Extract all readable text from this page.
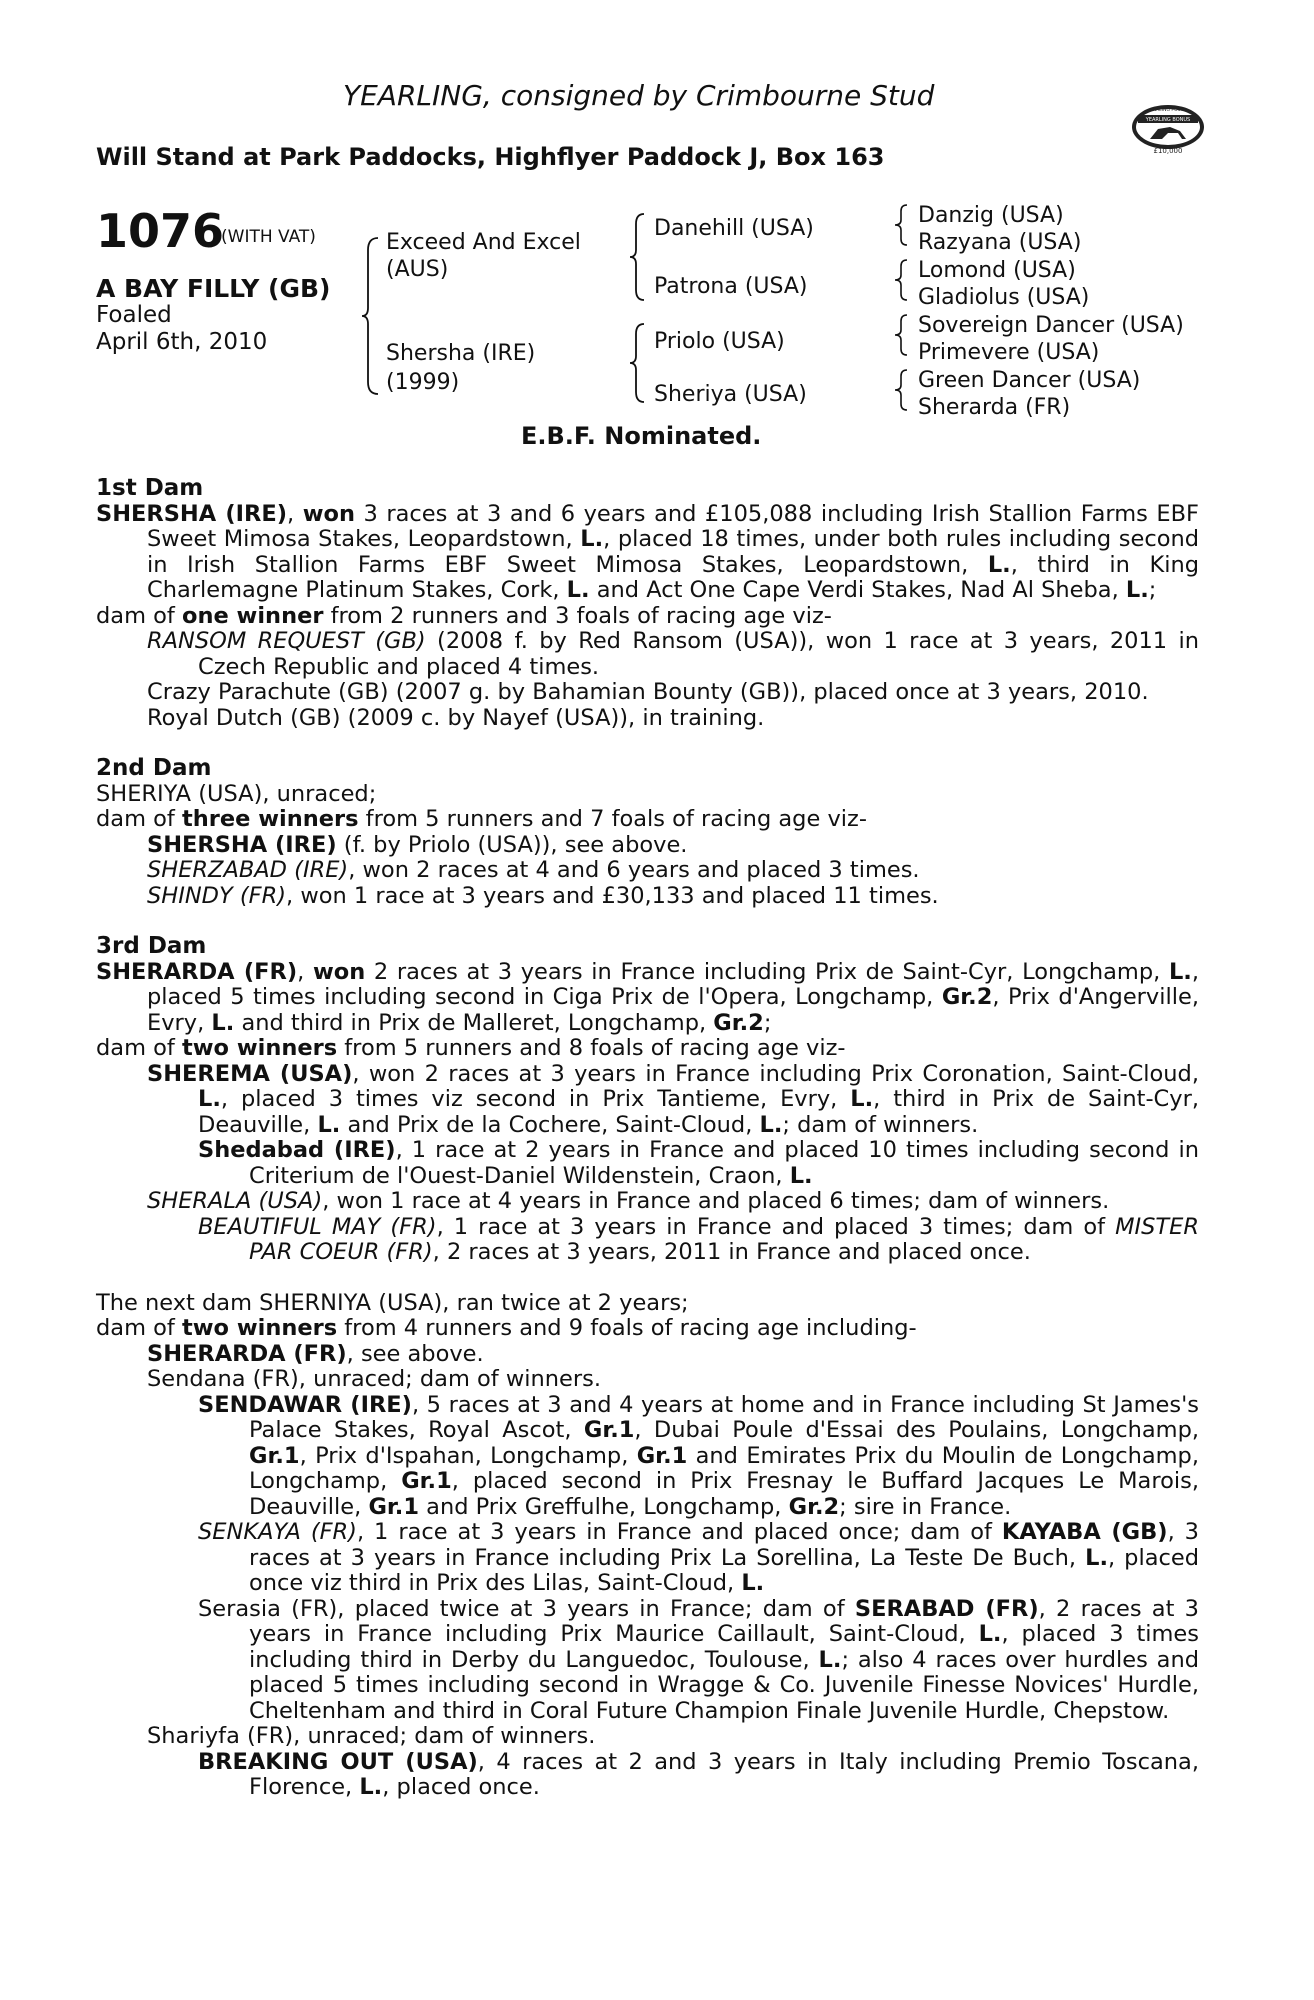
YEARLING, consigned by Crimbourne Stud
Will Stand at Park Paddocks, Highflyer Paddock J, Box 163
YEARLING BONUS
RACING POST
£10,000
1076
(WITH VAT)
A BAY FILLY (GB)
Foaled
April 6th, 2010
Exceed And Excel
(AUS)
Shersha (IRE)
(1999)
Danehill (USA)
Patrona (USA)
Priolo (USA)
Sheriya (USA)
Danzig (USA)
Razyana (USA)
Lomond (USA)
Gladiolus (USA)
Sovereign Dancer (USA)
Primevere (USA)
Green Dancer (USA)
Sherarda (FR)
E.B.F. Nominated.

1st Dam

SHERSHA (IRE), won 3 races at 3 and 6 years and £105,088 including Irish Stallion Farms EBF Sweet Mimosa Stakes, Leopardstown, L., placed 18 times, under both rules including second in Irish Stallion Farms EBF Sweet Mimosa Stakes, Leopardstown, L., third in King Charlemagne Platinum Stakes, Cork, L. and Act One Cape Verdi Stakes, Nad Al Sheba, L.;

dam of one winner from 2 runners and 3 foals of racing age viz-

RANSOM REQUEST (GB) (2008 f. by Red Ransom (USA)), won 1 race at 3 years, 2011 in Czech Republic and placed 4 times.

Crazy Parachute (GB) (2007 g. by Bahamian Bounty (GB)), placed once at 3 years, 2010.

Royal Dutch (GB) (2009 c. by Nayef (USA)), in training.

2nd Dam

SHERIYA (USA), unraced;

dam of three winners from 5 runners and 7 foals of racing age viz-

SHERSHA (IRE) (f. by Priolo (USA)), see above.

SHERZABAD (IRE), won 2 races at 4 and 6 years and placed 3 times.

SHINDY (FR), won 1 race at 3 years and £30,133 and placed 11 times.

3rd Dam

SHERARDA (FR), won 2 races at 3 years in France including Prix de Saint-Cyr, Longchamp, L., placed 5 times including second in Ciga Prix de l'Opera, Longchamp, Gr.2, Prix d'Angerville, Evry, L. and third in Prix de Malleret, Longchamp, Gr.2;

dam of two winners from 5 runners and 8 foals of racing age viz-

SHEREMA (USA), won 2 races at 3 years in France including Prix Coronation, Saint-Cloud, L., placed 3 times viz second in Prix Tantieme, Evry, L., third in Prix de Saint-Cyr, Deauville, L. and Prix de la Cochere, Saint-Cloud, L.; dam of winners.

Shedabad (IRE), 1 race at 2 years in France and placed 10 times including second in Criterium de l'Ouest-Daniel Wildenstein, Craon, L.

SHERALA (USA), won 1 race at 4 years in France and placed 6 times; dam of winners.

BEAUTIFUL MAY (FR), 1 race at 3 years in France and placed 3 times; dam of MISTER PAR COEUR (FR), 2 races at 3 years, 2011 in France and placed once.

The next dam SHERNIYA (USA), ran twice at 2 years;

dam of two winners from 4 runners and 9 foals of racing age including-

SHERARDA (FR), see above.

Sendana (FR), unraced; dam of winners.

SENDAWAR (IRE), 5 races at 3 and 4 years at home and in France including St James's Palace Stakes, Royal Ascot, Gr.1, Dubai Poule d'Essai des Poulains, Longchamp, Gr.1, Prix d'Ispahan, Longchamp, Gr.1 and Emirates Prix du Moulin de Longchamp, Longchamp, Gr.1, placed second in Prix Fresnay le Buffard Jacques Le Marois, Deauville, Gr.1 and Prix Greffulhe, Longchamp, Gr.2; sire in France.

SENKAYA (FR), 1 race at 3 years in France and placed once; dam of KAYABA (GB), 3 races at 3 years in France including Prix La Sorellina, La Teste De Buch, L., placed once viz third in Prix des Lilas, Saint-Cloud, L.

Serasia (FR), placed twice at 3 years in France; dam of SERABAD (FR), 2 races at 3 years in France including Prix Maurice Caillault, Saint-Cloud, L., placed 3 times including third in Derby du Languedoc, Toulouse, L.; also 4 races over hurdles and placed 5 times including second in Wragge & Co. Juvenile Finesse Novices' Hurdle, Cheltenham and third in Coral Future Champion Finale Juvenile Hurdle, Chepstow.

Shariyfa (FR), unraced; dam of winners.

BREAKING OUT (USA), 4 races at 2 and 3 years in Italy including Premio Toscana, Florence, L., placed once.
